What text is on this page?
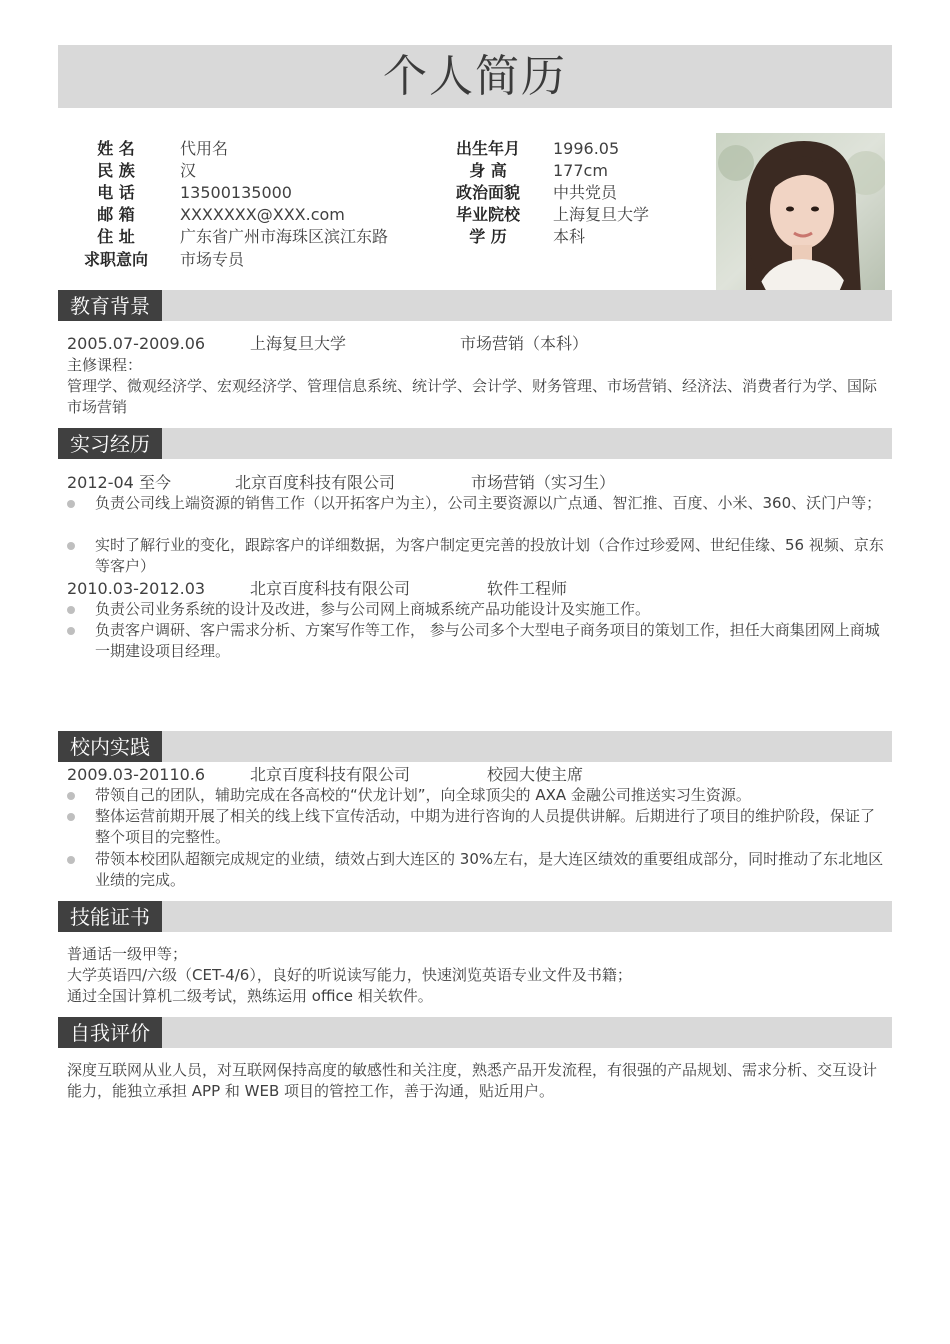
个人简历
姓 名	代用名
民 族	汉
电 话	13500135000
邮 箱	XXXXXXX@XXX.com
住 址	广东省广州市海珠区滨江东路
求职意向	市场专员
出生年月	1996.05
身 高	177cm
政治面貌	中共党员
毕业院校	上海复旦大学
学 历	本科
教育背景
2005.07-2009.06	上海复旦大学	市场营销（本科）
主修课程：
管理学、微观经济学、宏观经济学、管理信息系统、统计学、会计学、财务管理、市场营销、经济法、消费者行为学、国际市场营销
实习经历
2012-04 至今	北京百度科技有限公司	市场营销（实习生）
负责公司线上端资源的销售工作（以开拓客户为主），公司主要资源以广点通、智汇推、百度、小米、360、沃门户等；
实时了解行业的变化，跟踪客户的详细数据，为客户制定更完善的投放计划（合作过珍爱网、世纪佳缘、56 视频、京东等客户）
2010.03-2012.03	北京百度科技有限公司	软件工程师
负责公司业务系统的设计及改进，参与公司网上商城系统产品功能设计及实施工作。
负责客户调研、客户需求分析、方案写作等工作， 参与公司多个大型电子商务项目的策划工作，担任大商集团网上商城一期建设项目经理。
校内实践
2009.03-20110.6	北京百度科技有限公司	校园大使主席
带领自己的团队，辅助完成在各高校的“伏龙计划”，向全球顶尖的 AXA 金融公司推送实习生资源。
整体运营前期开展了相关的线上线下宣传活动，中期为进行咨询的人员提供讲解。后期进行了项目的维护阶段，保证了整个项目的完整性。
带领本校团队超额完成规定的业绩，绩效占到大连区的 30%左右，是大连区绩效的重要组成部分，同时推动了东北地区业绩的完成。
技能证书
普通话一级甲等；
大学英语四/六级（CET-4/6），良好的听说读写能力，快速浏览英语专业文件及书籍；
通过全国计算机二级考试，熟练运用 office 相关软件。
自我评价
深度互联网从业人员，对互联网保持高度的敏感性和关注度，熟悉产品开发流程，有很强的产品规划、需求分析、交互设计能力，能独立承担 APP 和 WEB 项目的管控工作，善于沟通，贴近用户。
